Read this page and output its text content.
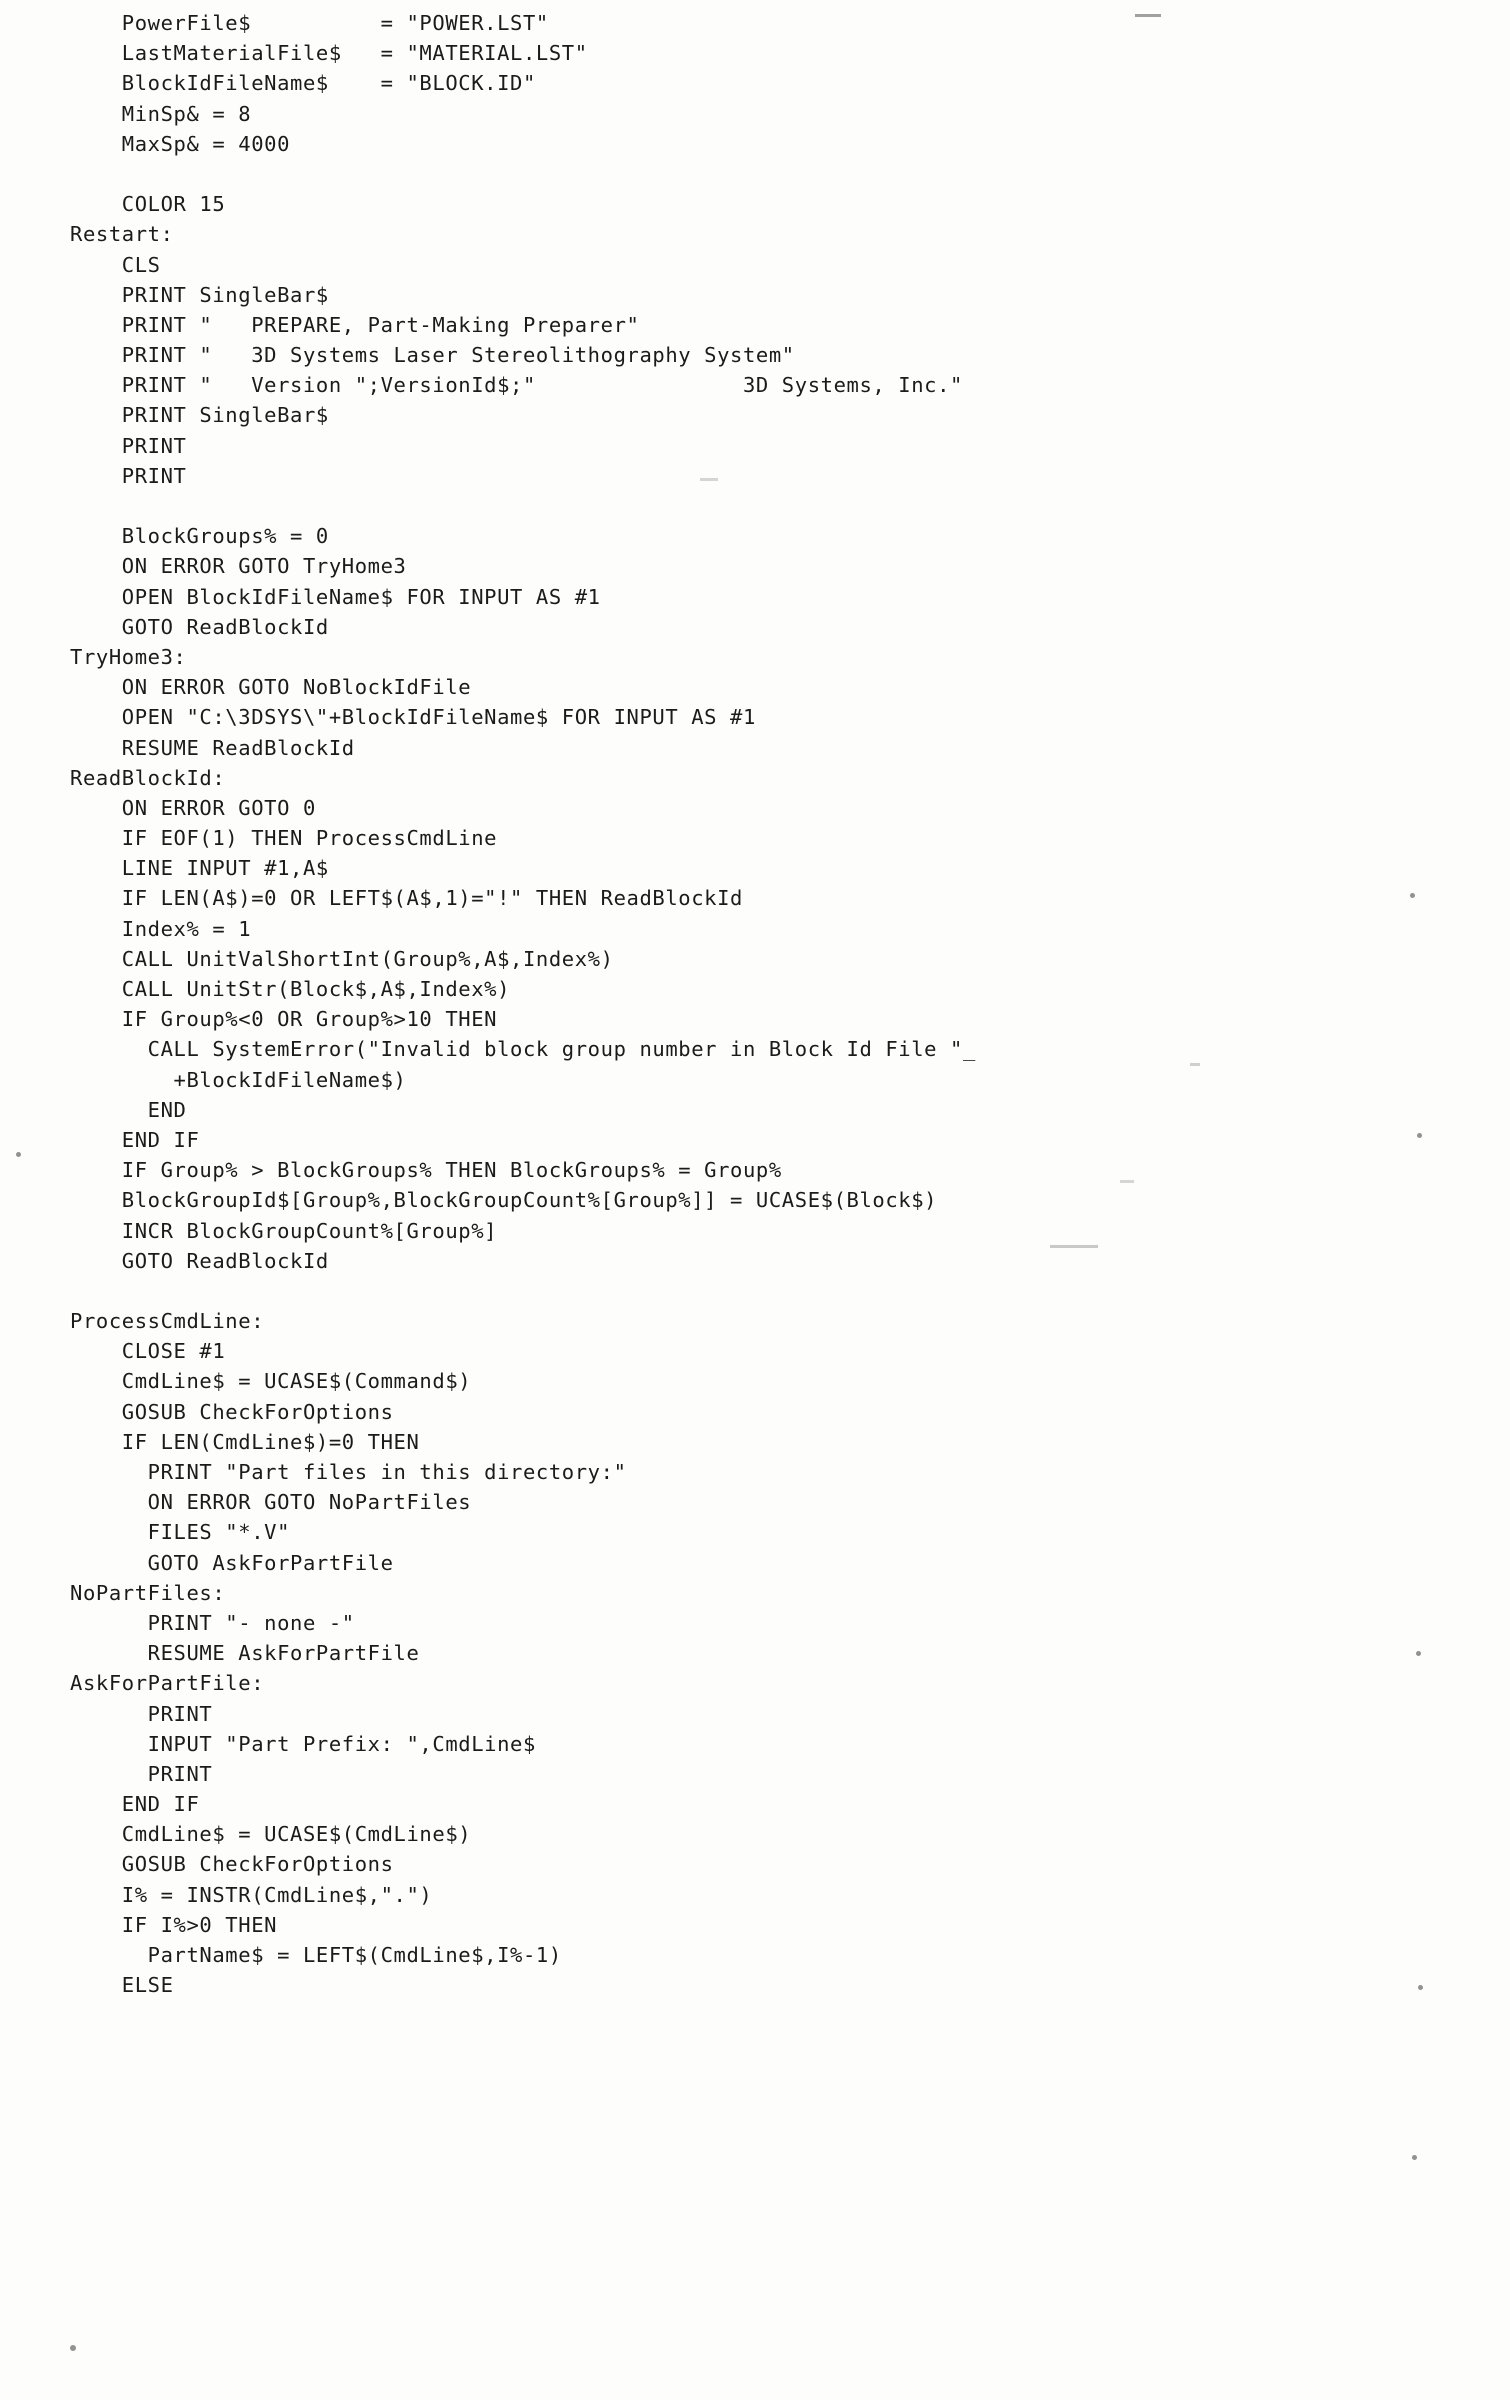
PowerFile$          = "POWER.LST"
LastMaterialFile$   = "MATERIAL.LST"
BlockIdFileName$    = "BLOCK.ID"
MinSp& = 8
MaxSp& = 4000
COLOR 15
Restart:
CLS
PRINT SingleBar$
PRINT "   PREPARE, Part-Making Preparer"
PRINT "   3D Systems Laser Stereolithography System"
PRINT "   Version ";VersionId$;"                3D Systems, Inc."
PRINT SingleBar$
PRINT
PRINT
BlockGroups% = 0
ON ERROR GOTO TryHome3
OPEN BlockIdFileName$ FOR INPUT AS #1
GOTO ReadBlockId
TryHome3:
ON ERROR GOTO NoBlockIdFile
OPEN "C:\3DSYS\"+BlockIdFileName$ FOR INPUT AS #1
RESUME ReadBlockId
ReadBlockId:
ON ERROR GOTO 0
IF EOF(1) THEN ProcessCmdLine
LINE INPUT #1,A$
IF LEN(A$)=0 OR LEFT$(A$,1)="!" THEN ReadBlockId
Index% = 1
CALL UnitValShortInt(Group%,A$,Index%)
CALL UnitStr(Block$,A$,Index%)
IF Group%<0 OR Group%>10 THEN
CALL SystemError("Invalid block group number in Block Id File "_
+BlockIdFileName$)
END
END IF
IF Group% > BlockGroups% THEN BlockGroups% = Group%
BlockGroupId$[Group%,BlockGroupCount%[Group%]] = UCASE$(Block$)
INCR BlockGroupCount%[Group%]
GOTO ReadBlockId
ProcessCmdLine:
CLOSE #1
CmdLine$ = UCASE$(Command$)
GOSUB CheckForOptions
IF LEN(CmdLine$)=0 THEN
PRINT "Part files in this directory:"
ON ERROR GOTO NoPartFiles
FILES "*.V"
GOTO AskForPartFile
NoPartFiles:
PRINT "- none -"
RESUME AskForPartFile
AskForPartFile:
PRINT
INPUT "Part Prefix: ",CmdLine$
PRINT
END IF
CmdLine$ = UCASE$(CmdLine$)
GOSUB CheckForOptions
I% = INSTR(CmdLine$,".")
IF I%>0 THEN
PartName$ = LEFT$(CmdLine$,I%-1)
ELSE
